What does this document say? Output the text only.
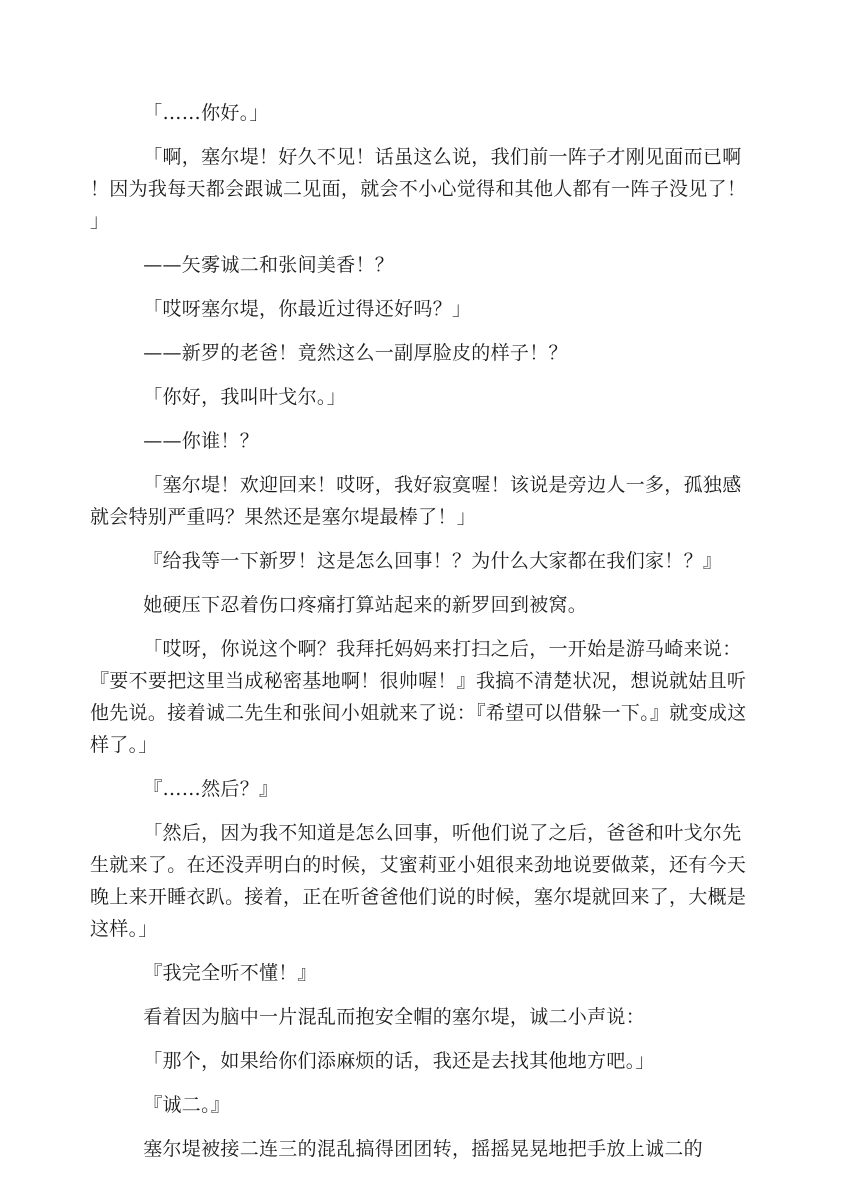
「……你好。」

「啊，塞尔堤！好久不见！话虽这么说，我们前一阵子才刚见面而已啊！因为我每天都会跟诚二见面，就会不小心觉得和其他人都有一阵子没见了！」

——矢雾诚二和张间美香！？

「哎呀塞尔堤，你最近过得还好吗？」

——新罗的老爸！竟然这么一副厚脸皮的样子！？

「你好，我叫叶戈尔。」

——你谁！？

「塞尔堤！欢迎回来！哎呀，我好寂寞喔！该说是旁边人一多，孤独感就会特别严重吗？果然还是塞尔堤最棒了！」

『给我等一下新罗！这是怎么回事！？为什么大家都在我们家！？』

她硬压下忍着伤口疼痛打算站起来的新罗回到被窝。

「哎呀，你说这个啊？我拜托妈妈来打扫之后，一开始是游马崎来说：『要不要把这里当成秘密基地啊！很帅喔！』我搞不清楚状况，想说就姑且听他先说。接着诚二先生和张间小姐就来了说：『希望可以借躲一下。』就变成这样了。」

『……然后？』

「然后，因为我不知道是怎么回事，听他们说了之后，爸爸和叶戈尔先生就来了。在还没弄明白的时候，艾蜜莉亚小姐很来劲地说要做菜，还有今天晚上来开睡衣趴。接着，正在听爸爸他们说的时候，塞尔堤就回来了，大概是这样。」

『我完全听不懂！』

看着因为脑中一片混乱而抱安全帽的塞尔堤，诚二小声说：

「那个，如果给你们添麻烦的话，我还是去找其他地方吧。」

『诚二。』

塞尔堤被接二连三的混乱搞得团团转，摇摇晃晃地把手放上诚二的
